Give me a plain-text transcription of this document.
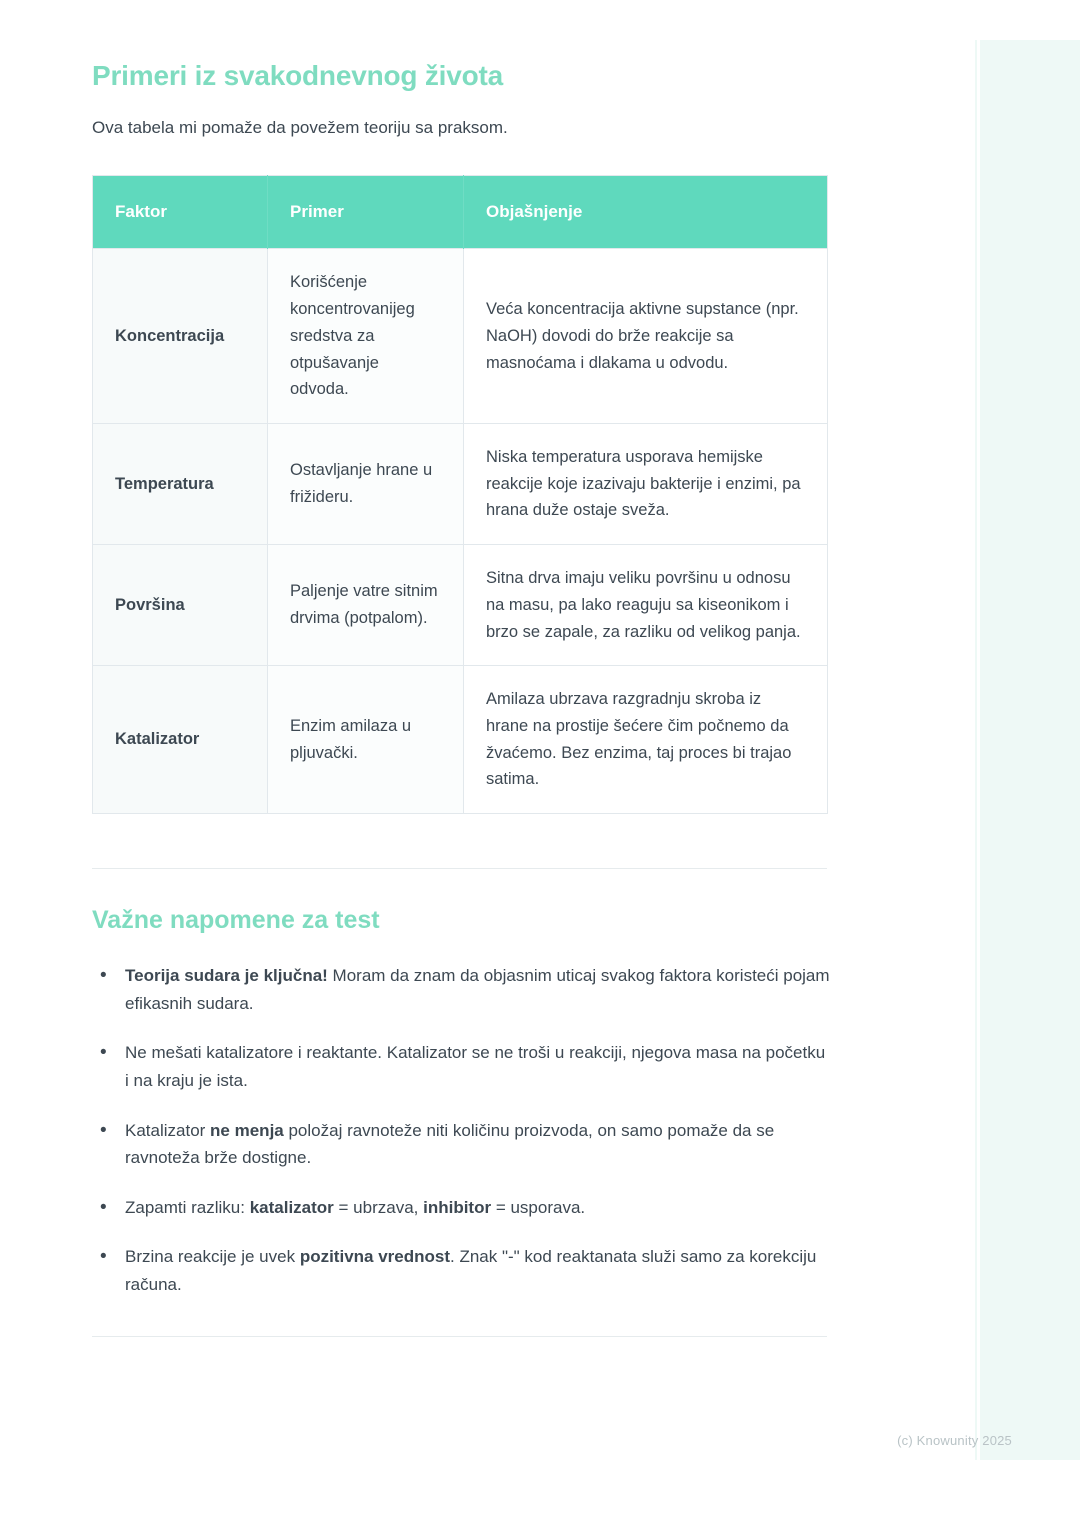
Primeri iz svakodnevnog života

Ova tabela mi pomaže da povežem teoriju sa praksom.

Faktor	Primer	Objašnjenje
Koncentracija	Korišćenje koncentrovanijeg sredstva za otpušavanje odvoda.	Veća koncentracija aktivne supstance (npr. NaOH) dovodi do brže reakcije sa masnoćama i dlakama u odvodu.
Temperatura	Ostavljanje hrane u frižideru.	Niska temperatura usporava hemijske reakcije koje izazivaju bakterije i enzimi, pa hrana duže ostaje sveža.
Površina	Paljenje vatre sitnim drvima (potpalom).	Sitna drva imaju veliku površinu u odnosu na masu, pa lako reaguju sa kiseonikom i brzo se zapale, za razliku od velikog panja.
Katalizator	Enzim amilaza u pljuvački.	Amilaza ubrzava razgradnju skroba iz hrane na prostije šećere čim počnemo da žvaćemo. Bez enzima, taj proces bi trajao satima.
Važne napomene za test
• Teorija sudara je ključna! Moram da znam da objasnim uticaj svakog faktora koristeći pojam efikasnih sudara.
• Ne mešati katalizatore i reaktante. Katalizator se ne troši u reakciji, njegova masa na početku i na kraju je ista.
• Katalizator ne menja položaj ravnoteže niti količinu proizvoda, on samo pomaže da se ravnoteža brže dostigne.
• Zapamti razliku: katalizator = ubrzava, inhibitor = usporava.
• Brzina reakcije je uvek pozitivna vrednost. Znak "-" kod reaktanata služi samo za korekciju računa.
(c) Knowunity 2025
